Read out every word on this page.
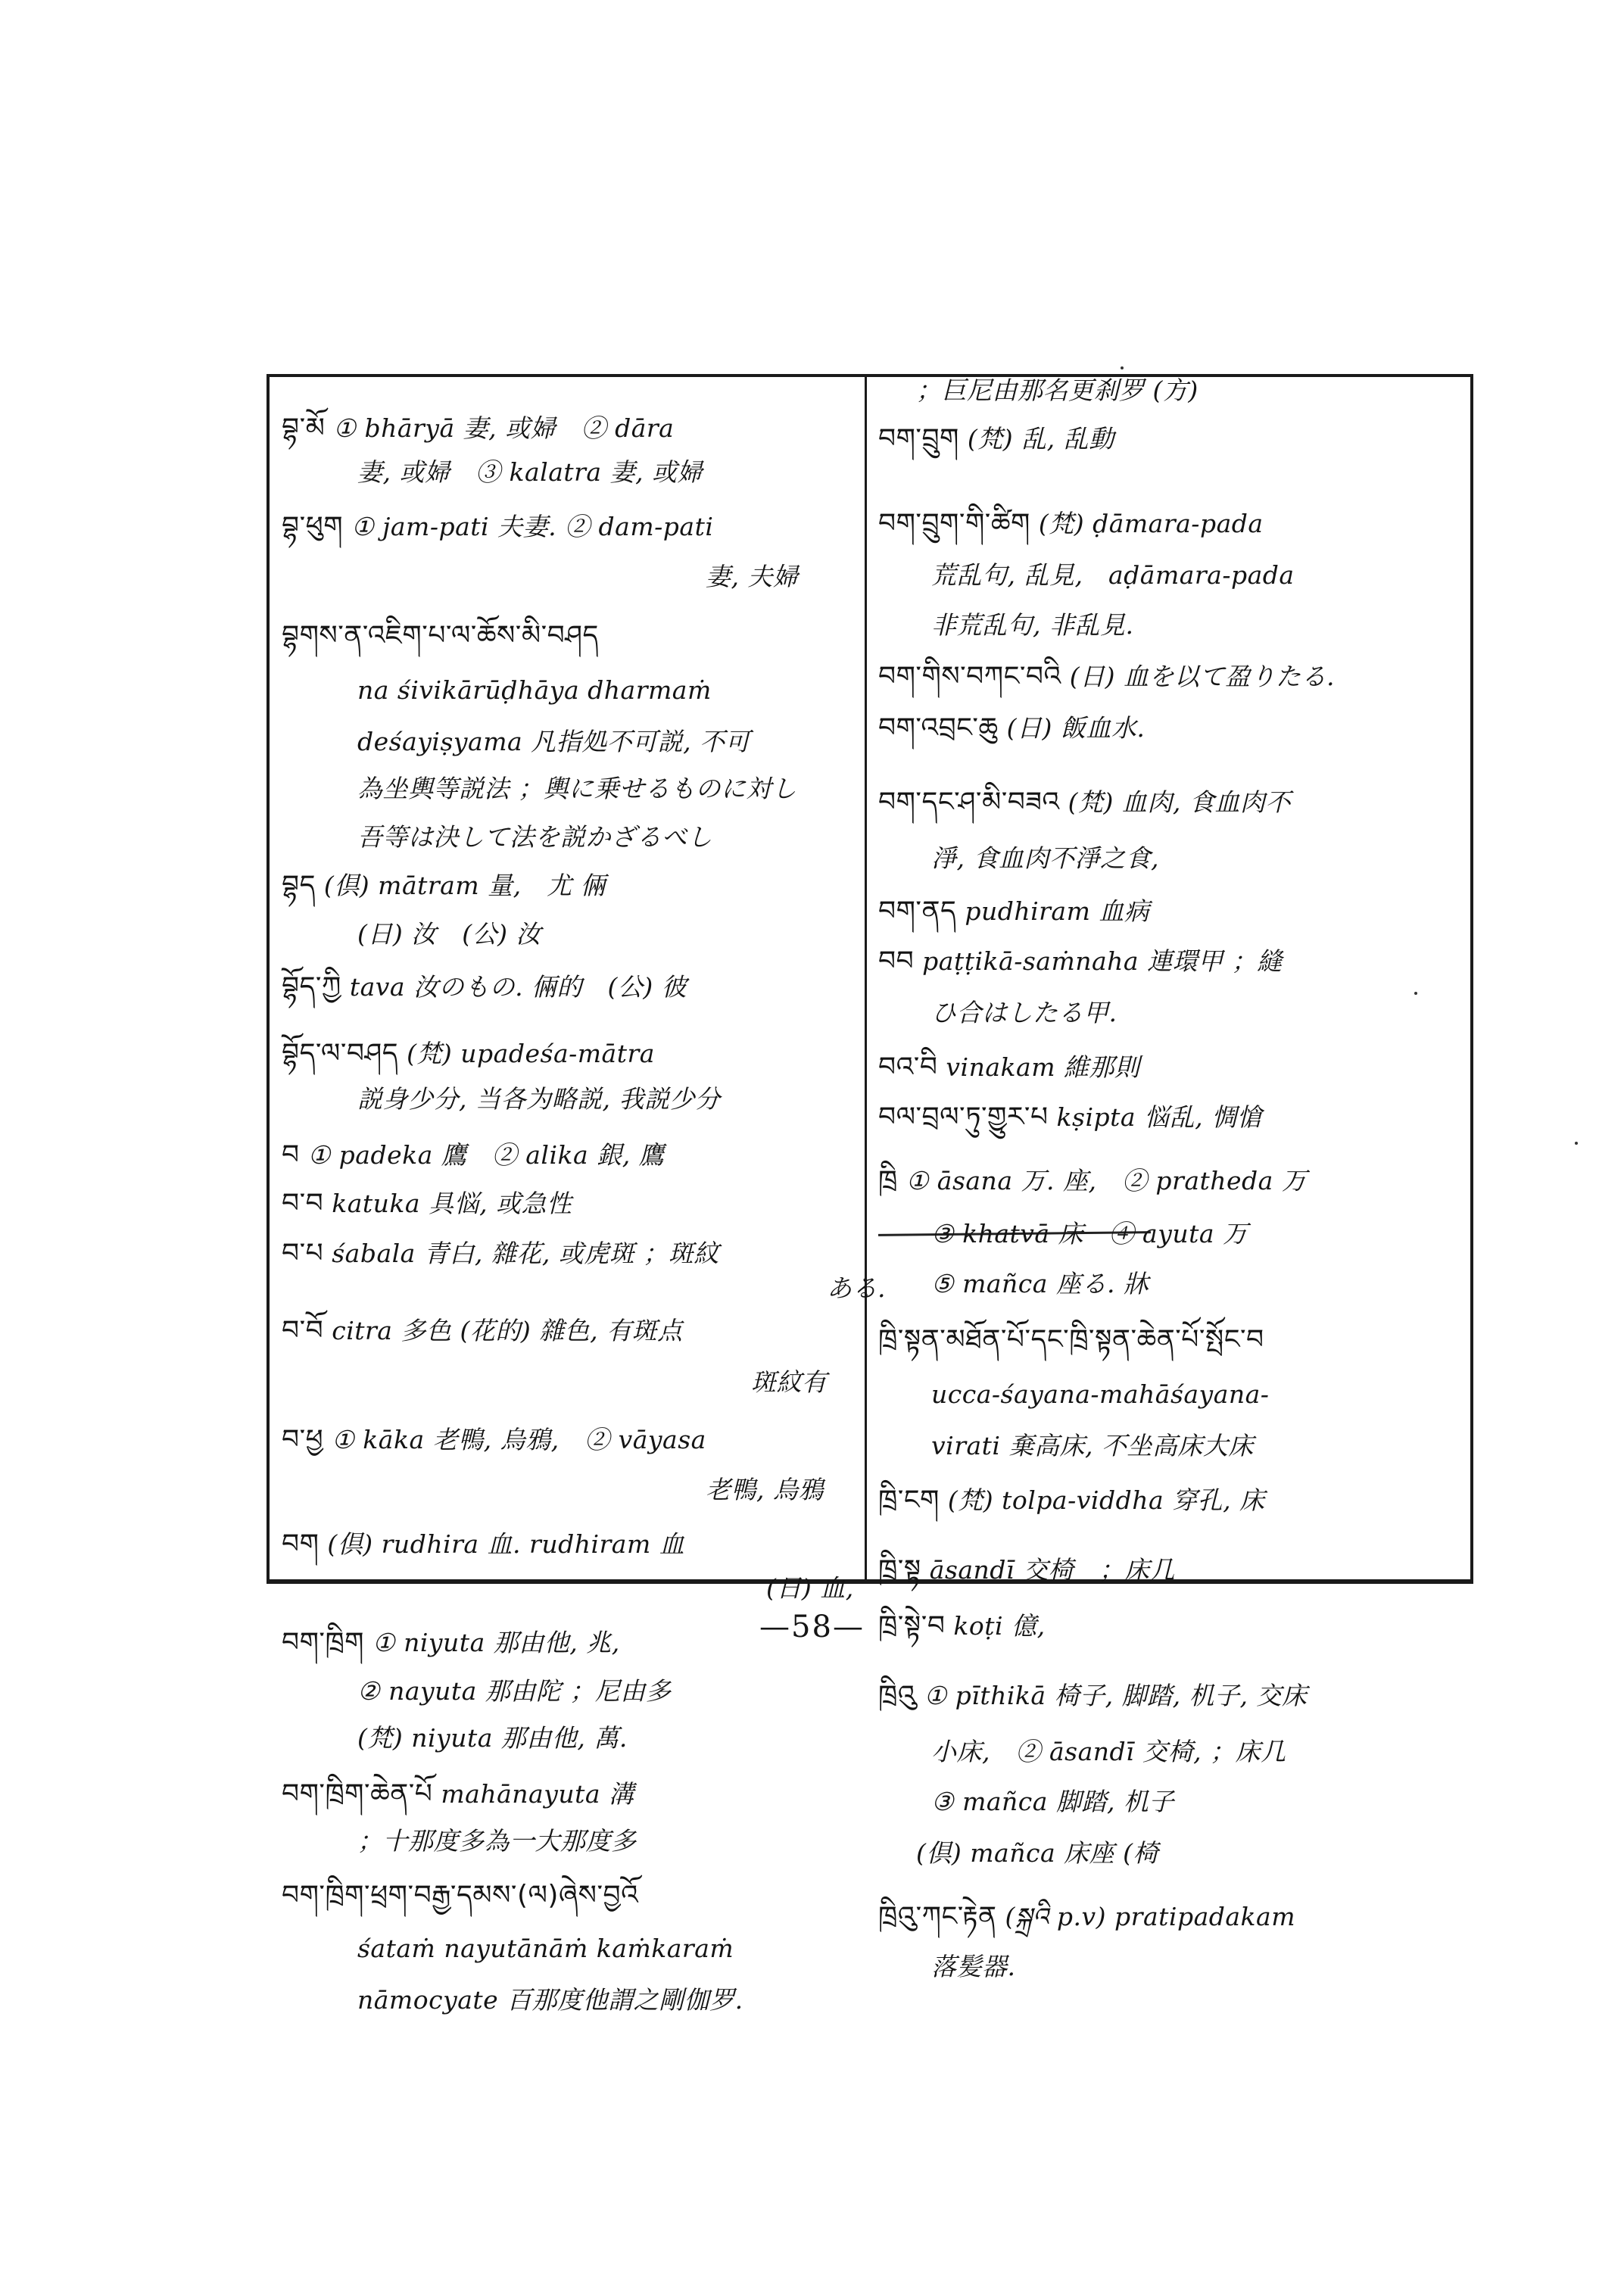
བྷ་མོ ① bhāryā 妻, 或婦　② dāra
妻, 或婦　③ kalatra 妻, 或婦
བྷ་ཕུག ① jam-pati 夫妻. ② dam-pati
妻, 夫婦
བྷགས་ན་འཇིག་པ་ལ་ཆོས་མི་བཤད
na śivikārūḍhāya dharmaṁ
deśayiṣyama 凡指処不可説, 不可
為坐輿等説法 ；輿に乗せるものに対し
吾等は決して法を説かざるべし
བྷད (倶) mātram 量,　尤 倆
(日) 汝　(公) 汝
བྷོད་ཀྱི tava 汝のもの. 倆的　(公) 彼
བྷོད་ལ་བཤད (梵) upadeśa-mātra
説身少分, 当各为略説, 我説少分
བ ① padeka 鷹　② alika 銀, 鷹
བ་བ katuka 具悩, 或急性
བ་པ śabala 青白, 雜花, 或虎斑 ；斑紋
ある.
བ་བོ citra 多色 (花的) 雜色, 有斑点
斑紋有
བ་ཕྱ ① kāka 老鴨, 烏鴉,　② vāyasa
老鴨, 烏鴉
བག (倶) rudhira 血. rudhiram 血
(日) 血,
བག་ཁྲིག ① niyuta 那由他, 兆,
② nayuta 那由陀 ；尼由多
(梵) niyuta 那由他, 萬.
བག་ཁྲིག་ཆེན་པོ mahānayuta 溝
；十那度多為一大那度多
བག་ཁྲིག་ཕྲག་བརྒྱ་དམས་(ལ)ཞེས་བྱའོ
śataṁ nayutānāṁ kaṁkaraṁ
nāmocyate 百那度他謂之剛伽罗.
；巨尼由那名更刹罗 (方)
བག་བྲུག (梵) 乱, 乱動
བག་བྲུག་གི་ཚིག (梵) ḍāmara-pada
荒乱句, 乱見,　aḍāmara-pada
非荒乱句, 非乱見.
བག་གིས་བཀང་བའི (日) 血を以て盈りたる.
བག་འབྲང་ཆུ (日) 飯血水.
བག་དང་ཤ་མི་བཟའ (梵) 血肉, 食血肉不
淨, 食血肉不淨之食,
བག་ནད pudhiram 血病
བབ paṭṭikā-saṁnaha 連環甲 ；縫
ひ合はしたる甲.
བའ་བི vinakam 維那則
བལ་བྲལ་ཏུ་གྱུར་པ kṣipta 悩乱, 惆愴
ཁྲི ① āsana 万. 座,　② pratheda 万
③ khatvā 床　④ ayuta 万
⑤ mañca 座る. 牀
ཁྲི་སྟན་མཐོན་པོ་དང་ཁྲི་སྟན་ཆེན་པོ་སྤོང་བ
ucca-śayana-mahāśayana-
virati 棄高床, 不坐高床大床
ཁྲི་ངག (梵) tolpa-viddha 穿孔, 床
ཁྲི་སྟ āsandī 交椅　；床几
ཁྲི་སྟེ་བ koṭi 億,
ཁྲིའུ ① pīthikā 椅子, 脚踏, 机子, 交床
小床,　② āsandī 交椅, ；床几
③ mañca 脚踏, 机子
(倶) mañca 床座 (椅
ཁྲིའུ་ཀང་རྟེན (སྐྲའི p.v) pratipadakam
落髪器.
—58—
